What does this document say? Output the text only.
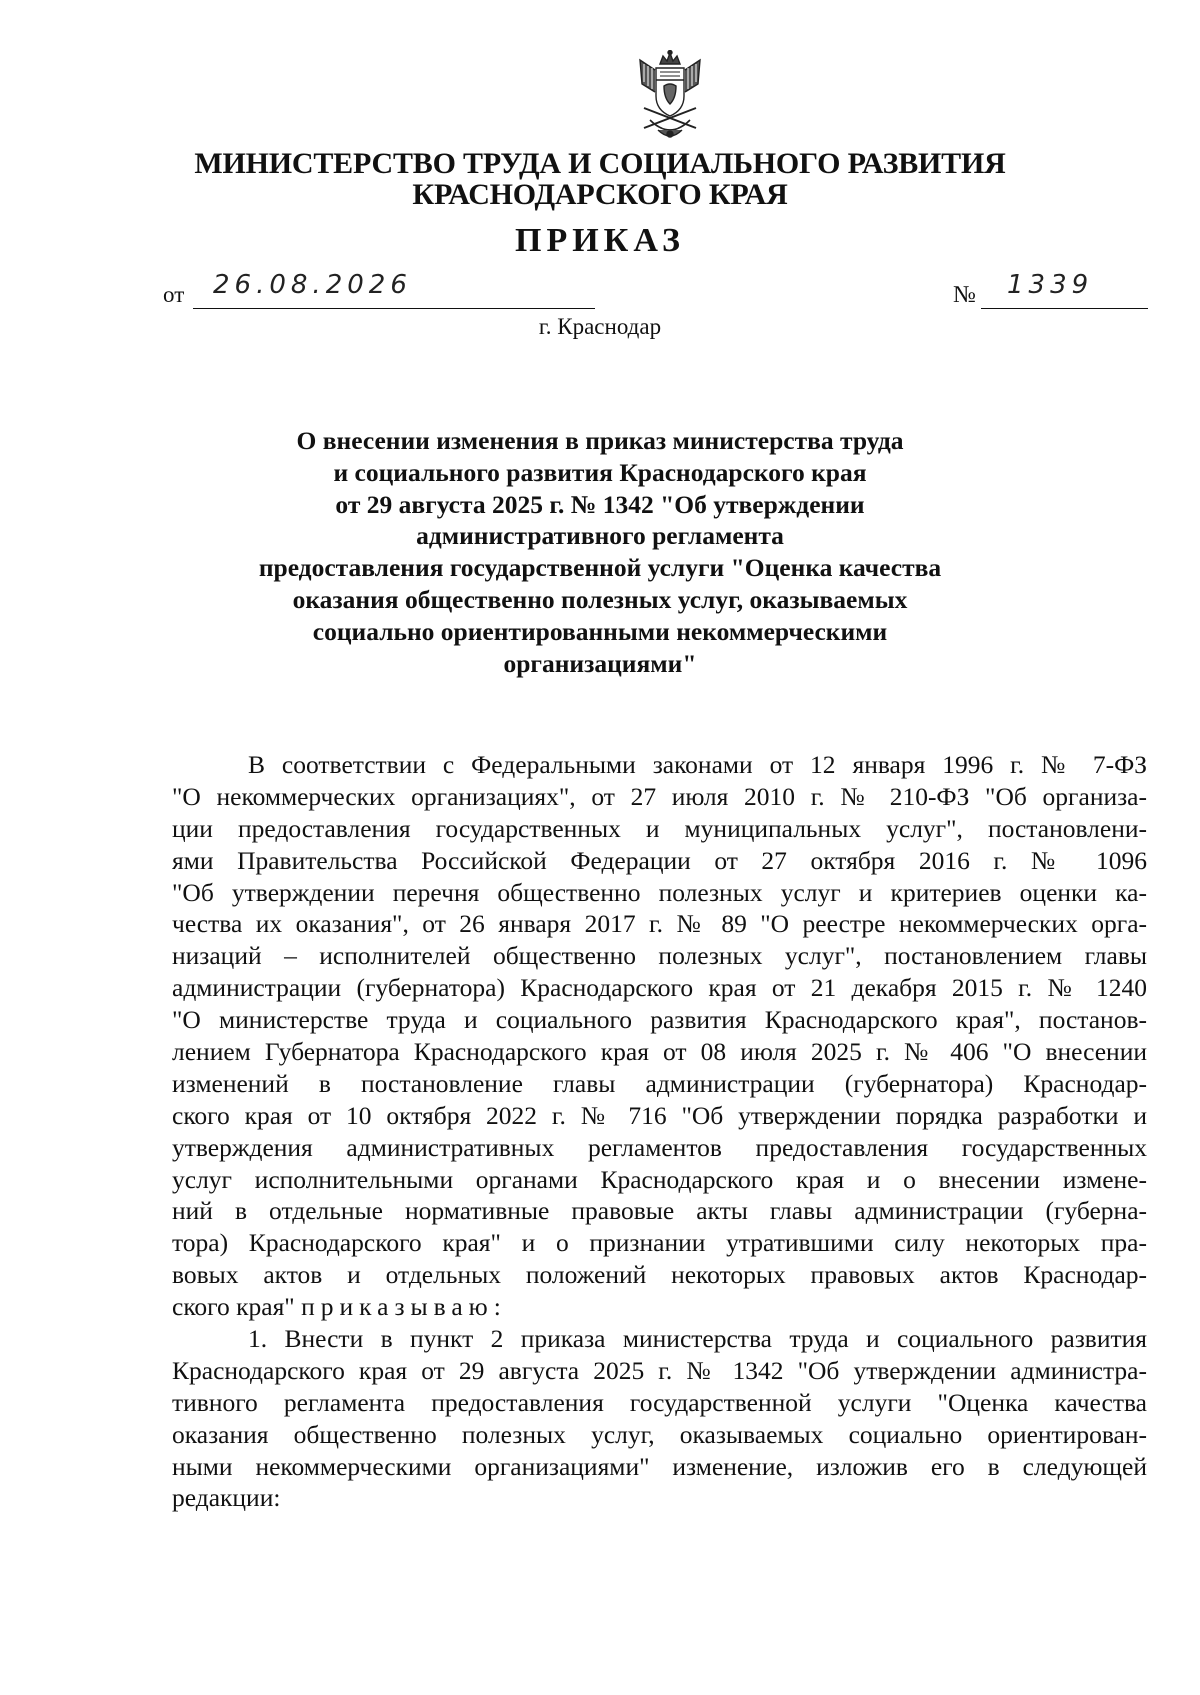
МИНИСТЕРСТВО ТРУДА И СОЦИАЛЬНОГО РАЗВИТИЯ
КРАСНОДАРСКОГО КРАЯ
ПРИКАЗ
от 26.08.2026	№ 1339
г. Краснодар
О внесении изменения в приказ министерства труда
и социального развития Краснодарского края
от 29 августа 2025 г. № 1342 "Об утверждении
административного регламента
предоставления государственной услуги "Оценка качества
оказания общественно полезных услуг, оказываемых
социально ориентированными некоммерческими
организациями"
В соответствии с Федеральными законами от 12 января 1996 г. № 7-ФЗ
"О некоммерческих организациях", от 27 июля 2010 г. № 210-ФЗ "Об организа-
ции предоставления государственных и муниципальных услуг", постановлени-
ями Правительства Российской Федерации от 27 октября 2016 г. № 1096
"Об утверждении перечня общественно полезных услуг и критериев оценки ка-
чества их оказания", от 26 января 2017 г. № 89 "О реестре некоммерческих орга-
низаций – исполнителей общественно полезных услуг", постановлением главы
администрации (губернатора) Краснодарского края от 21 декабря 2015 г. № 1240
"О министерстве труда и социального развития Краснодарского края", постанов-
лением Губернатора Краснодарского края от 08 июля 2025 г. № 406 "О внесении
изменений в постановление главы администрации (губернатора) Краснодар-
ского края от 10 октября 2022 г. № 716 "Об утверждении порядка разработки и
утверждения административных регламентов предоставления государственных
услуг исполнительными органами Краснодарского края и о внесении измене-
ний в отдельные нормативные правовые акты главы администрации (губерна-
тора) Краснодарского края" и о признании утратившими силу некоторых пра-
вовых актов и отдельных положений некоторых правовых актов Краснодар-
ского края" приказываю:
1. Внести в пункт 2 приказа министерства труда и социального развития
Краснодарского края от 29 августа 2025 г. № 1342 "Об утверждении администра-
тивного регламента предоставления государственной услуги "Оценка качества
оказания общественно полезных услуг, оказываемых социально ориентирован-
ными некоммерческими организациями" изменение, изложив его в следующей
редакции:
